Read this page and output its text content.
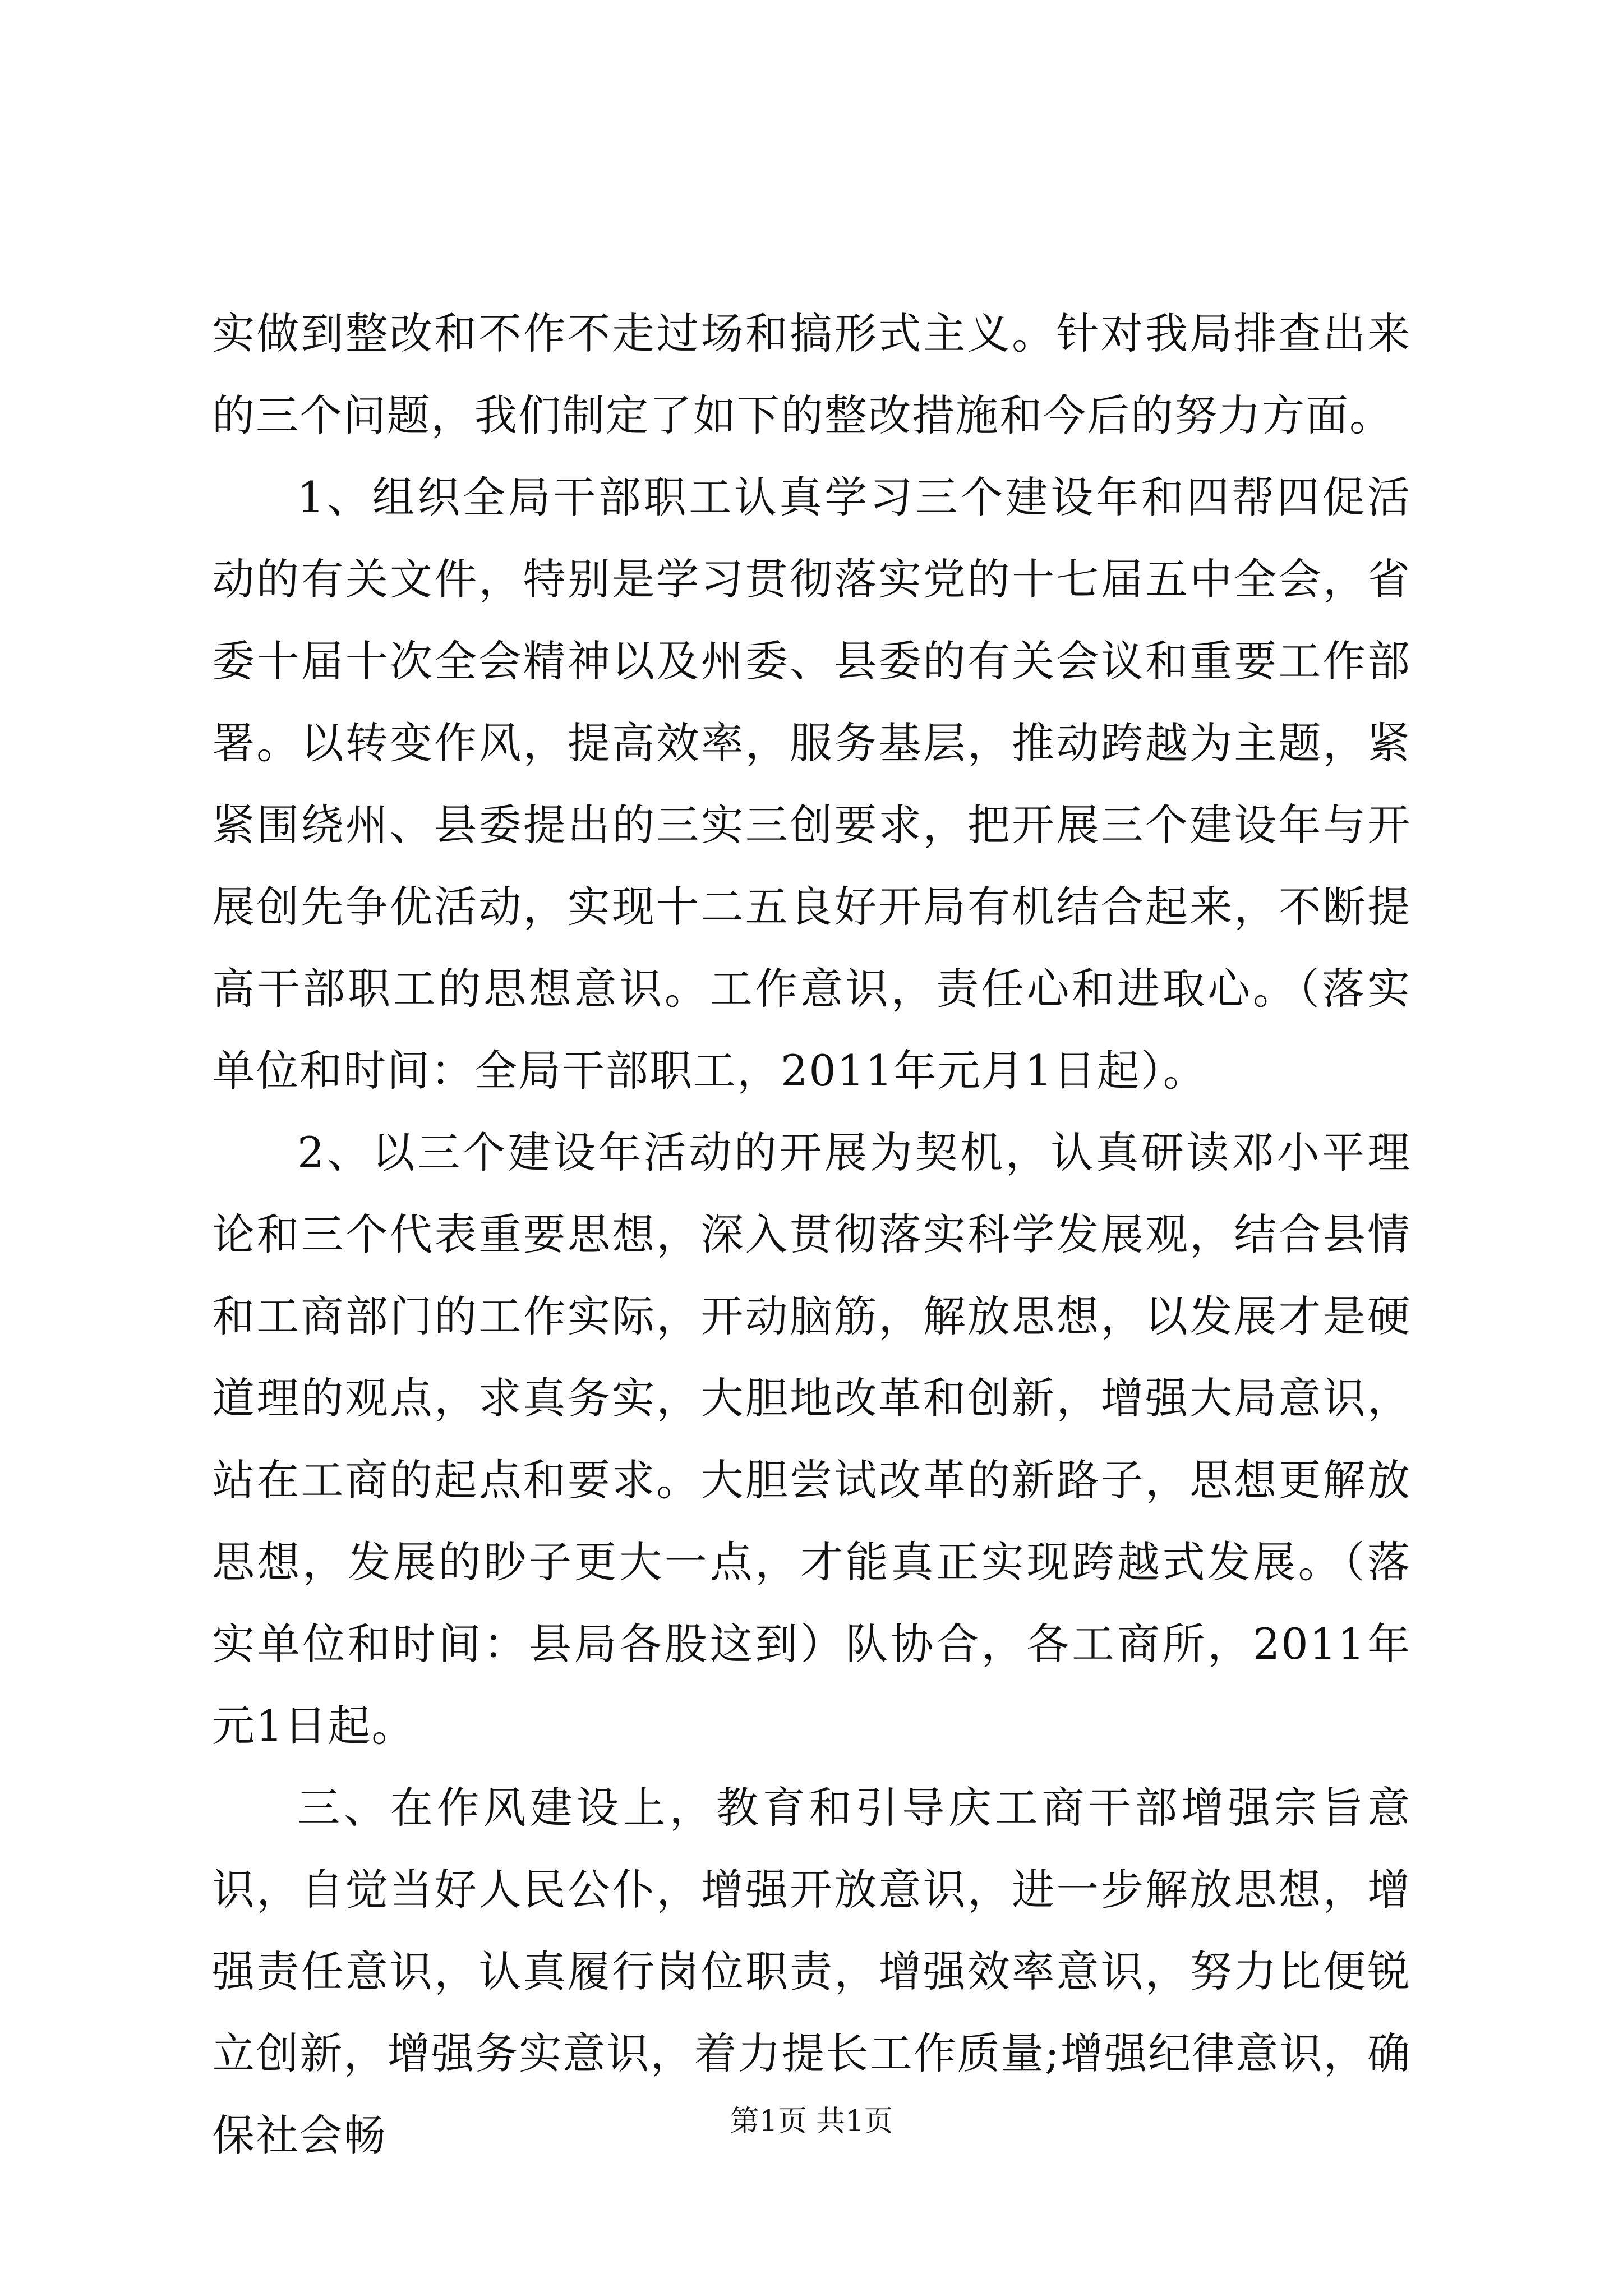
实做到整改和不作不走过场和搞形式主义。针对我局排查出来的三个问题，我们制定了如下的整改措施和今后的努力方面。

1、组织全局干部职工认真学习三个建设年和四帮四促活动的有关文件，特别是学习贯彻落实党的十七届五中全会，省委十届十次全会精神以及州委、县委的有关会议和重要工作部署。以转变作风，提高效率，服务基层，推动跨越为主题，紧紧围绕州、县委提出的三实三创要求，把开展三个建设年与开展创先争优活动，实现十二五良好开局有机结合起来，不断提高干部职工的思想意识。工作意识，责任心和进取心。（落实单位和时间：全局干部职工，2011年元月1日起）。

2、以三个建设年活动的开展为契机，认真研读邓小平理论和三个代表重要思想，深入贯彻落实科学发展观，结合县情和工商部门的工作实际，开动脑筋，解放思想，以发展才是硬道理的观点，求真务实，大胆地改革和创新，增强大局意识，站在工商的起点和要求。大胆尝试改革的新路子，思想更解放思想，发展的眇子更大一点，才能真正实现跨越式发展。（落实单位和时间：县局各股这到）队协合，各工商所，2011年元1日起。

三、在作风建设上，教育和引导庆工商干部增强宗旨意识，自觉当好人民公仆，增强开放意识，进一步解放思想，增强责任意识，认真履行岗位职责，增强效率意识，努力比便锐立创新，增强务实意识，着力提长工作质量;增强纪律意识，确保社会畅	第1页 共1页
